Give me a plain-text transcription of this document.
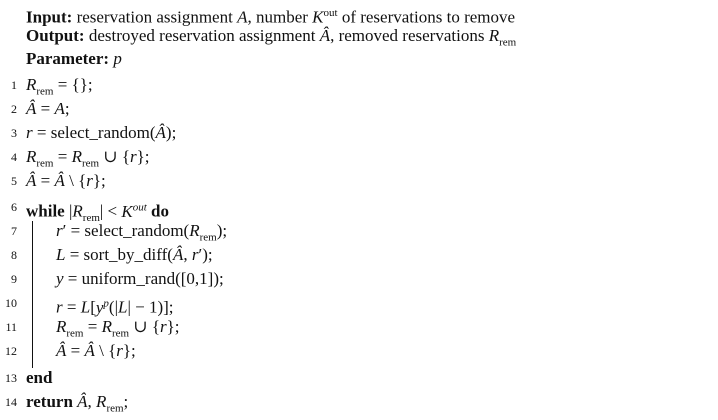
Input: reservation assignment A, number $K^{out}$ of reservations to remove
Output: destroyed reservation assignment Â, removed reservations $R_{rem}$
Parameter: p
1 $R_{rem}$ = {};
2 Â = A;
3 r = select_random(Â);
4 $R_{rem} = R_{rem}$ ∪ {r};
5 Â = Â \ {r};
6 while $|R_{rem}| < K^{out}$ do
7 $r' = select\_random(R_{rem})$;
8 L = sort_by_diff(Â, r′);
9 y = uniform_rand([0,1]);
10 $r = L[y^p(|L| - 1)]$;
11 $R_{rem} = R_{rem}$ ∪ {r};
12 Â = Â \ {r};
13 end
14 return Â, $R_{rem}$;
